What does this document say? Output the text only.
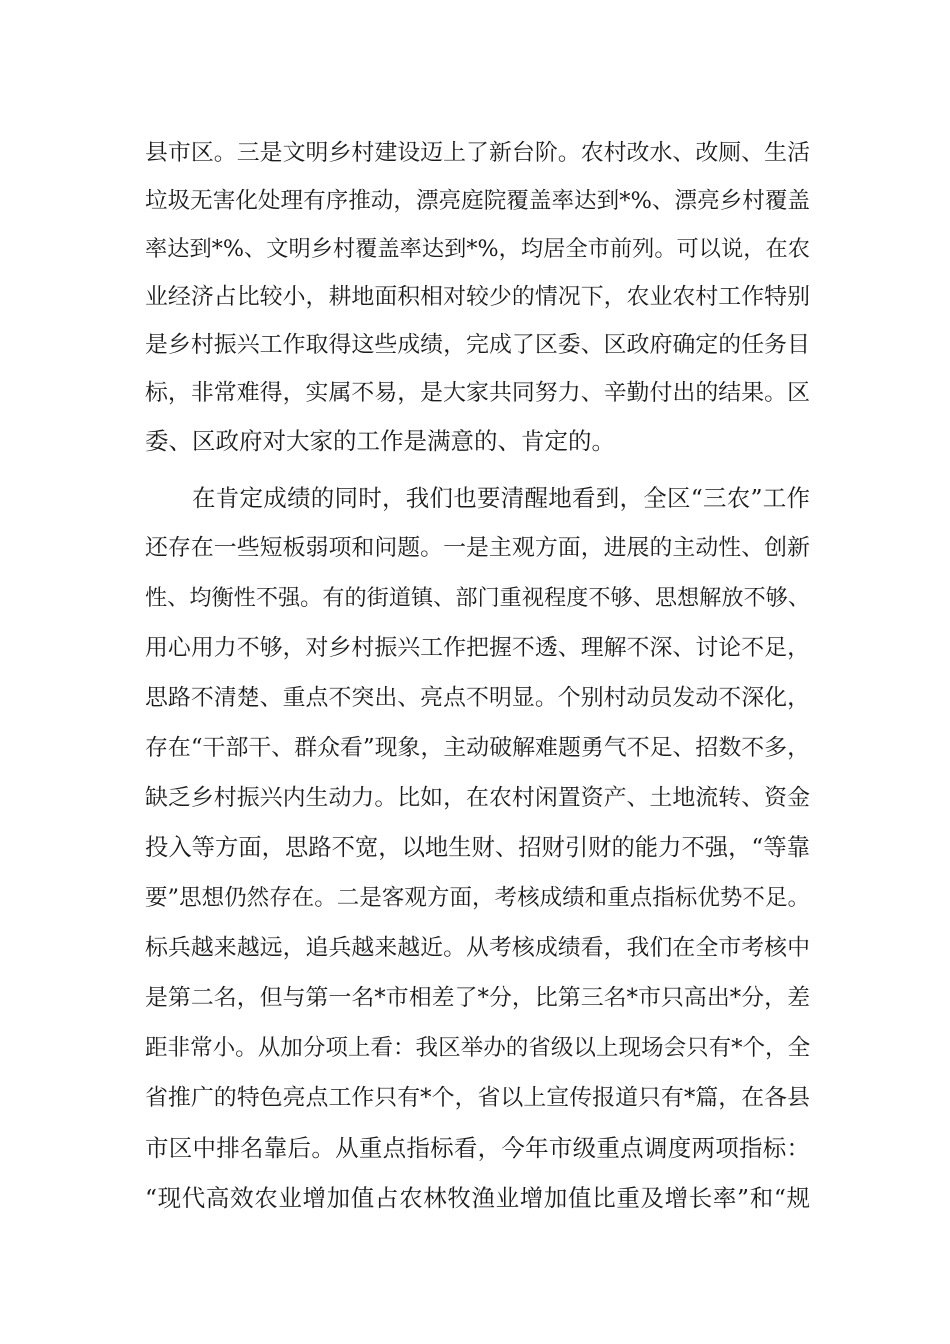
县市区。三是文明乡村建设迈上了新台阶。农村改水、改厕、生活
垃圾无害化处理有序推动，漂亮庭院覆盖率达到*%、漂亮乡村覆盖
率达到*%、文明乡村覆盖率达到*%，均居全市前列。可以说，在农
业经济占比较小，耕地面积相对较少的情况下，农业农村工作特别
是乡村振兴工作取得这些成绩，完成了区委、区政府确定的任务目
标，非常难得，实属不易，是大家共同努力、辛勤付出的结果。区
委、区政府对大家的工作是满意的、肯定的。
在肯定成绩的同时，我们也要清醒地看到，全区“三农”工作
还存在一些短板弱项和问题。一是主观方面，进展的主动性、创新
性、均衡性不强。有的街道镇、部门重视程度不够、思想解放不够、
用心用力不够，对乡村振兴工作把握不透、理解不深、讨论不足，
思路不清楚、重点不突出、亮点不明显。个别村动员发动不深化，
存在“干部干、群众看”现象，主动破解难题勇气不足、招数不多，
缺乏乡村振兴内生动力。比如，在农村闲置资产、土地流转、资金
投入等方面，思路不宽，以地生财、招财引财的能力不强，“等靠
要”思想仍然存在。二是客观方面，考核成绩和重点指标优势不足。
标兵越来越远，追兵越来越近。从考核成绩看，我们在全市考核中
是第二名，但与第一名*市相差了*分，比第三名*市只高出*分，差
距非常小。从加分项上看：我区举办的省级以上现场会只有*个，全
省推广的特色亮点工作只有*个，省以上宣传报道只有*篇，在各县
市区中排名靠后。从重点指标看，今年市级重点调度两项指标：
“现代高效农业增加值占农林牧渔业增加值比重及增长率”和“规
